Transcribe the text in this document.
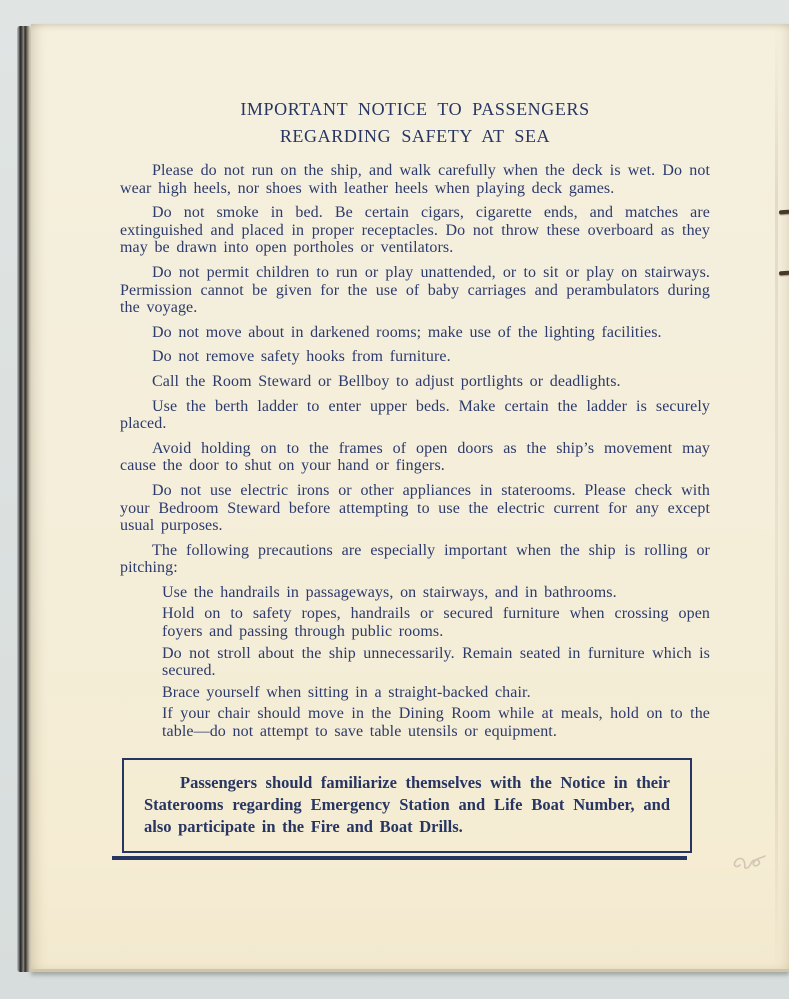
IMPORTANT NOTICE TO PASSENGERS
REGARDING SAFETY AT SEA

Please do not run on the ship, and walk carefully when the deck is wet. Do not wear high heels, nor shoes with leather heels when playing deck games.

Do not smoke in bed. Be certain cigars, cigarette ends, and matches are extinguished and placed in proper receptacles. Do not throw these overboard as they may be drawn into open portholes or ventilators.

Do not permit children to run or play unattended, or to sit or play on stairways. Permission cannot be given for the use of baby carriages and perambulators during the voyage.

Do not move about in darkened rooms; make use of the lighting facilities.

Do not remove safety hooks from furniture.

Call the Room Steward or Bellboy to adjust portlights or deadlights.

Use the berth ladder to enter upper beds. Make certain the ladder is securely placed.

Avoid holding on to the frames of open doors as the ship’s movement may cause the door to shut on your hand or fingers.

Do not use electric irons or other appliances in staterooms. Please check with your Bedroom Steward before attempting to use the electric current for any except usual purposes.

The following precautions are especially important when the ship is rolling or pitching:

Use the handrails in passageways, on stairways, and in bathrooms.

Hold on to safety ropes, handrails or secured furniture when crossing open foyers and passing through public rooms.

Do not stroll about the ship unnecessarily. Remain seated in furniture which is secured.

Brace yourself when sitting in a straight-backed chair.

If your chair should move in the Dining Room while at meals, hold on to the table—do not attempt to save table utensils or equipment.

Passengers should familiarize themselves with the Notice in their Staterooms regarding Emergency Station and Life Boat Number, and also participate in the Fire and Boat Drills.
